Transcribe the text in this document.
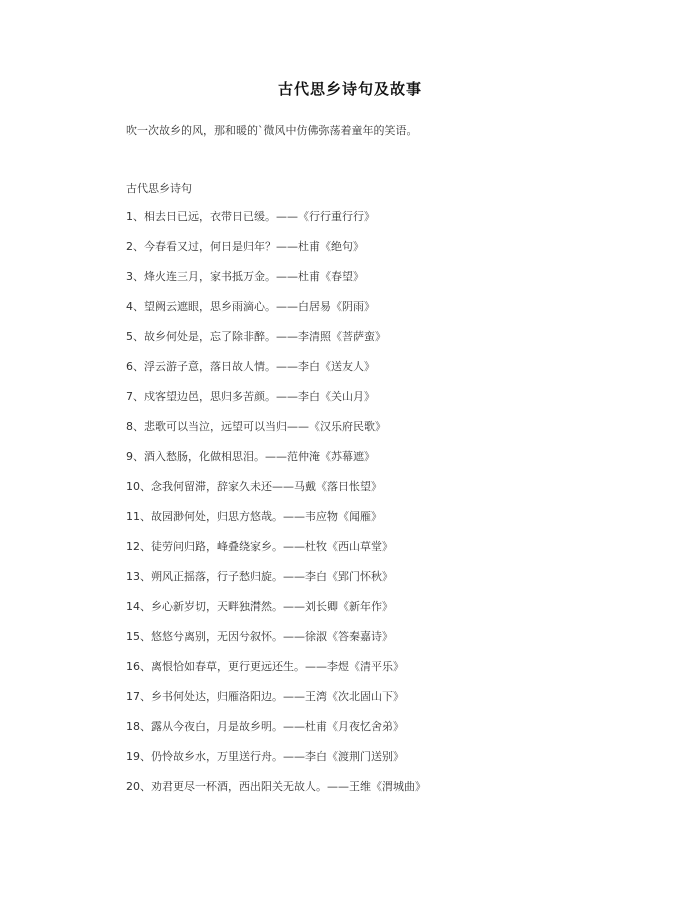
古代思乡诗句及故事
吹一次故乡的风，那和暖的`微风中仿佛弥荡着童年的笑语。
古代思乡诗句
1、相去日已远，衣带日已缓。——《行行重行行》
2、今春看又过，何日是归年？——杜甫《绝句》
3、烽火连三月，家书抵万金。——杜甫《春望》
4、望阙云遮眼，思乡雨滴心。——白居易《阴雨》
5、故乡何处是，忘了除非醉。——李清照《菩萨蛮》
6、浮云游子意，落日故人情。——李白《送友人》
7、戍客望边邑，思归多苦颜。——李白《关山月》
8、悲歌可以当泣，远望可以当归——《汉乐府民歌》
9、酒入愁肠，化做相思泪。——范仲淹《苏幕遮》
10、念我何留滞，辞家久未还——马戴《落日怅望》
11、故园渺何处，归思方悠哉。——韦应物《闻雁》
12、徒劳问归路，峰叠绕家乡。——杜牧《西山草堂》
13、朔风正摇落，行子愁归旋。——李白《郢门怀秋》
14、乡心新岁切，天畔独潸然。——刘长卿《新年作》
15、悠悠兮离别，无因兮叙怀。——徐淑《答秦嘉诗》
16、离恨恰如春草，更行更远还生。——李煜《清平乐》
17、乡书何处达，归雁洛阳边。——王湾《次北固山下》
18、露从今夜白，月是故乡明。——杜甫《月夜忆舍弟》
19、仍怜故乡水，万里送行舟。——李白《渡荆门送别》
20、劝君更尽一杯酒，西出阳关无故人。——王维《渭城曲》
